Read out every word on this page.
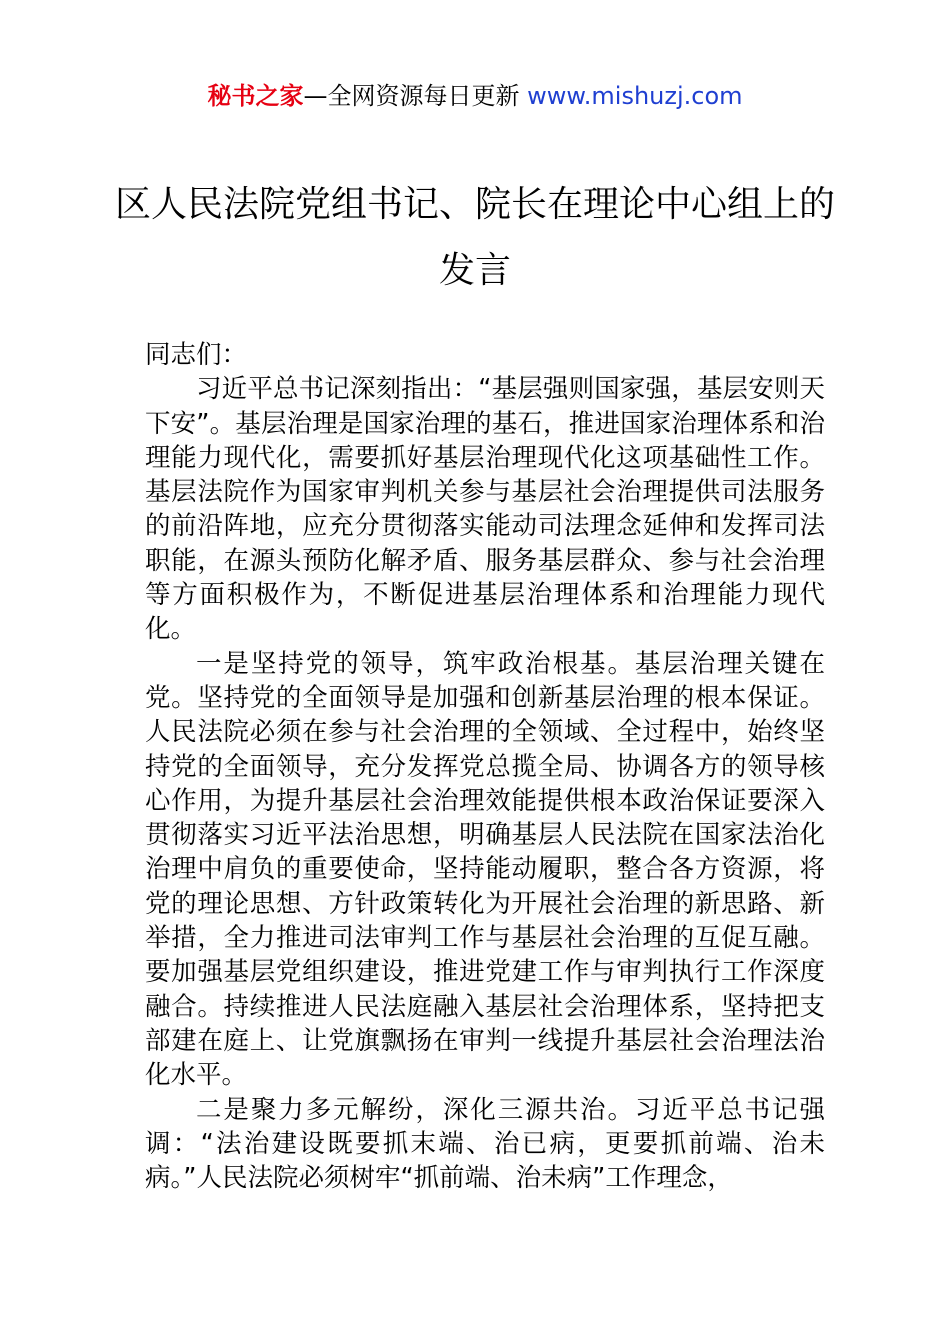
秘书之家—全网资源每日更新 www.mishuzj.com
区人民法院党组书记、院长在理论中心组上的发言

同志们：

习近平总书记深刻指出：“基层强则国家强，基层安则天下安”。基层治理是国家治理的基石，推进国家治理体系和治理能力现代化，需要抓好基层治理现代化这项基础性工作。基层法院作为国家审判机关参与基层社会治理提供司法服务的前沿阵地，应充分贯彻落实能动司法理念延伸和发挥司法职能，在源头预防化解矛盾、服务基层群众、参与社会治理等方面积极作为，不断促进基层治理体系和治理能力现代化。

一是坚持党的领导，筑牢政治根基。基层治理关键在党。坚持党的全面领导是加强和创新基层治理的根本保证。人民法院必须在参与社会治理的全领域、全过程中，始终坚持党的全面领导，充分发挥党总揽全局、协调各方的领导核心作用，为提升基层社会治理效能提供根本政治保证要深入贯彻落实习近平法治思想，明确基层人民法院在国家法治化治理中肩负的重要使命，坚持能动履职，整合各方资源，将党的理论思想、方针政策转化为开展社会治理的新思路、新举措，全力推进司法审判工作与基层社会治理的互促互融。要加强基层党组织建设，推进党建工作与审判执行工作深度融合。持续推进人民法庭融入基层社会治理体系，坚持把支部建在庭上、让党旗飘扬在审判一线提升基层社会治理法治化水平。

二是聚力多元解纷，深化三源共治。习近平总书记强调：“法治建设既要抓末端、治已病，更要抓前端、治未病。”人民法院必须树牢“抓前端、治未病”工作理念，
